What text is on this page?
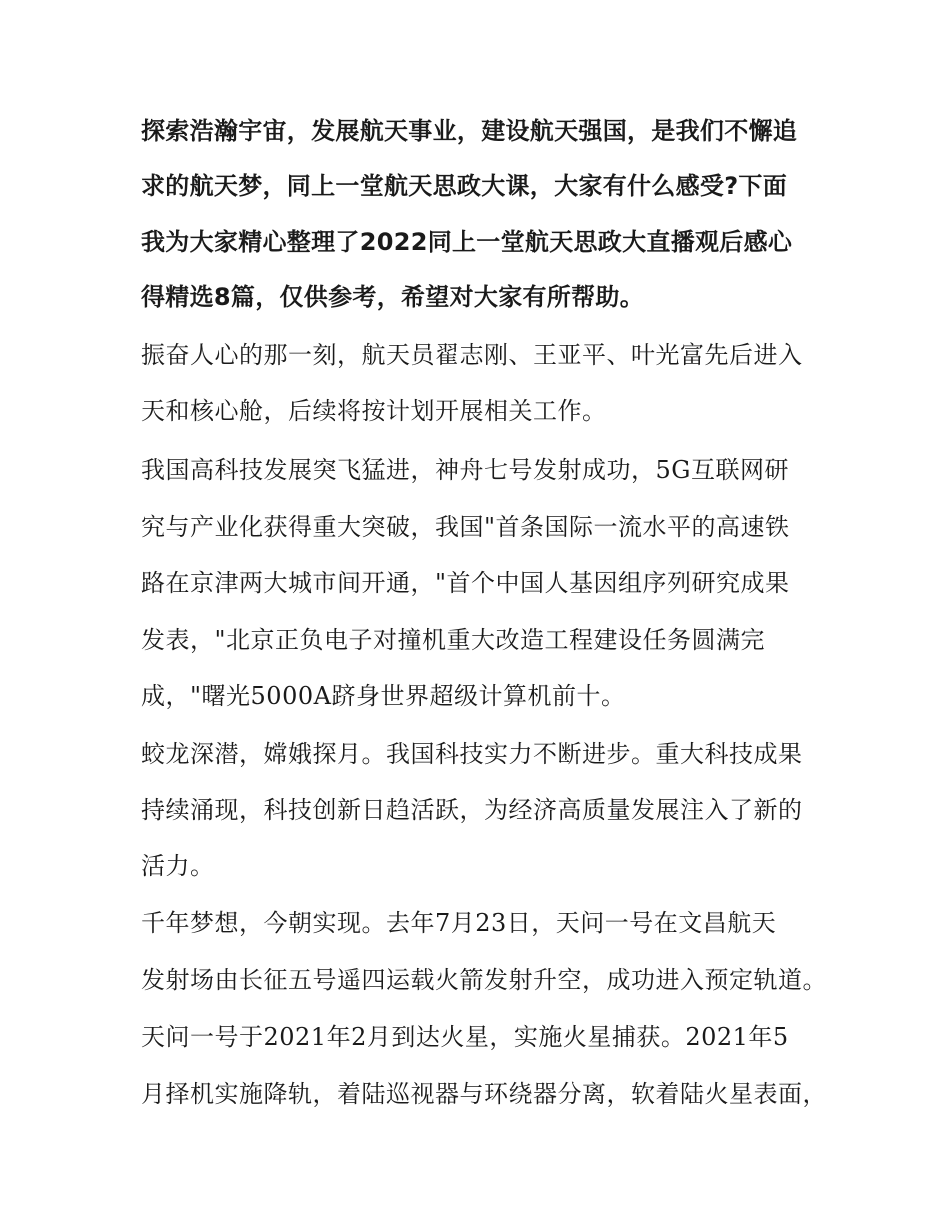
探索浩瀚宇宙，发展航天事业，建设航天强国，是我们不懈追
求的航天梦，同上一堂航天思政大课，大家有什么感受?下面
我为大家精心整理了2022同上一堂航天思政大直播观后感心
得精选8篇，仅供参考，希望对大家有所帮助。
振奋人心的那一刻，航天员翟志刚、王亚平、叶光富先后进入
天和核心舱，后续将按计划开展相关工作。
我国高科技发展突飞猛进，神舟七号发射成功，5G互联网研
究与产业化获得重大突破，我国"首条国际一流水平的高速铁
路在京津两大城市间开通，"首个中国人基因组序列研究成果
发表，"北京正负电子对撞机重大改造工程建设任务圆满完
成，"曙光5000A跻身世界超级计算机前十。
蛟龙深潜，嫦娥探月。我国科技实力不断进步。重大科技成果
持续涌现，科技创新日趋活跃，为经济高质量发展注入了新的
活力。
千年梦想，今朝实现。去年7月23日，天问一号在文昌航天
发射场由长征五号遥四运载火箭发射升空，成功进入预定轨道。
天问一号于2021年2月到达火星，实施火星捕获。2021年5
月择机实施降轨，着陆巡视器与环绕器分离，软着陆火星表面，
